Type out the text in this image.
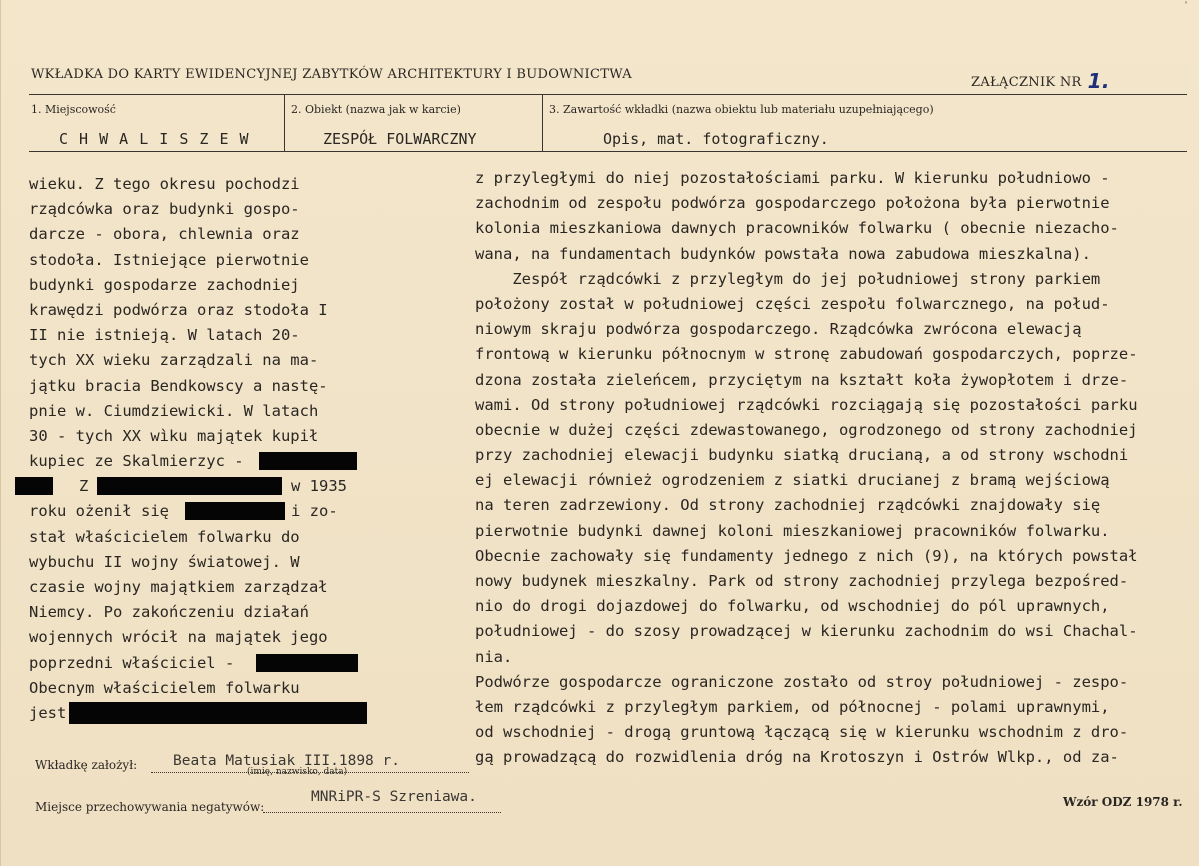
'
WKŁADKA DO KARTY EWIDENCYJNEJ ZABYTKÓW ARCHITEKTURY I BUDOWNICTWA
ZAŁĄCZNIK NR 1.
1. Miejscowość	2. Obiekt (nazwa jak w karcie)	3. Zawartość wkładki (nazwa obiektu lub materiału uzupełniającego)
C H W A L I S Z E W	ZESPÓŁ FOLWARCZNY	Opis, mat. fotograficzny.
wieku. Z tego okresu pochodzi
rządcówka oraz budynki gospo-
darcze - obora, chlewnia oraz
stodoła. Istniejące pierwotnie
budynki gospodarze zachodniej
krawędzi podwórza oraz stodoła I
II nie istnieją. W latach 20-
tych XX wieku zarządzali na ma-
jątku bracia Bendkowscy a nastę-
pnie w. Ciumdziewicki. W latach
30 - tych XX wìku majątek kupił
kupiec ze Skalmierzyc -
Z	w 1935
roku ożenił się	i zo-
stał właścicielem folwarku do
wybuchu II wojny światowej. W
czasie wojny majątkiem zarządzał
Niemcy. Po zakończeniu działań
wojennych wrócił na majątek jego
poprzedni właściciel -
Obecnym właścicielem folwarku
jest
z przyległymi do niej pozostałościami parku. W kierunku południowo -
zachodnim od zespołu podwórza gospodarczego położona była pierwotnie
kolonia mieszkaniowa dawnych pracowników folwarku ( obecnie niezacho-
wana, na fundamentach budynków powstała nowa zabudowa mieszkalna).
Zespół rządcówki z przyległym do jej południowej strony parkiem
położony został w południowej części zespołu folwarcznego, na połud-
niowym skraju podwórza gospodarczego. Rządcówka zwrócona elewacją
frontową w kierunku północnym w stronę zabudowań gospodarczych, poprze-
dzona została zieleńcem, przyciętym na kształt koła żywopłotem i drze-
wami. Od strony południowej rządcówki rozciągają się pozostałości parku
obecnie w dużej części zdewastowanego, ogrodzonego od strony zachodniej
przy zachodniej elewacji budynku siatką drucianą, a od strony wschodni
ej elewacji również ogrodzeniem z siatki drucianej z bramą wejściową
na teren zadrzewiony. Od strony zachodniej rządcówki znajdowały się
pierwotnie budynki dawnej koloni mieszkaniowej pracowników folwarku.
Obecnie zachowały się fundamenty jednego z nich (9), na których powstał
nowy budynek mieszkalny. Park od strony zachodniej przylega bezpośred-
nio do drogi dojazdowej do folwarku, od wschodniej do pól uprawnych,
południowej - do szosy prowadzącej w kierunku zachodnim do wsi Chachal-
nia.
Podwórze gospodarcze ograniczone zostało od stroy południowej - zespo-
łem rządcówki z przyległym parkiem, od północnej - polami uprawnymi,
od wschodniej - drogą gruntową łączącą się w kierunku wschodnim z dro-
gą prowadzącą do rozwidlenia dróg na Krotoszyn i Ostrów Wlkp., od za-
Wkładkę założył: Beata Matusiak III.1898 r.
(imię, nazwisko, data)
Miejsce przechowywania negatywów:
MNRiPR-S Szreniawa.	Wzór ODZ 1978 r.
